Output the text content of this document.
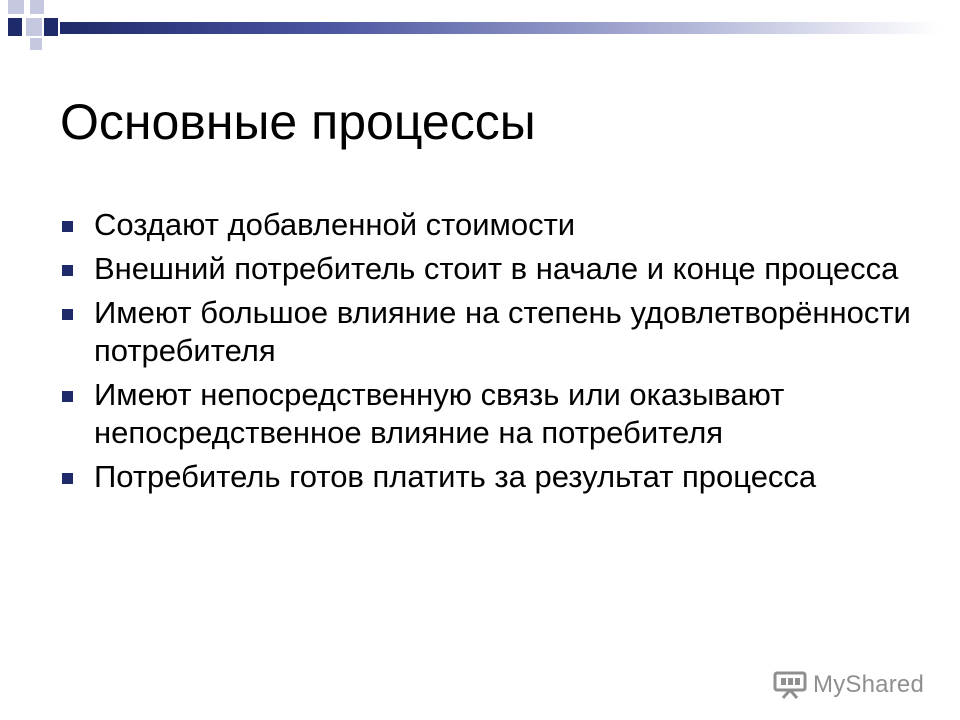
Основные процессы
Создают добавленной стоимости
Внешний потребитель стоит в начале и конце процесса
Имеют большое влияние на степень удовлетворённости потребителя
Имеют непосредственную связь или оказывают непосредственное влияние на потребителя
Потребитель готов платить за результат процесса
MyShared
